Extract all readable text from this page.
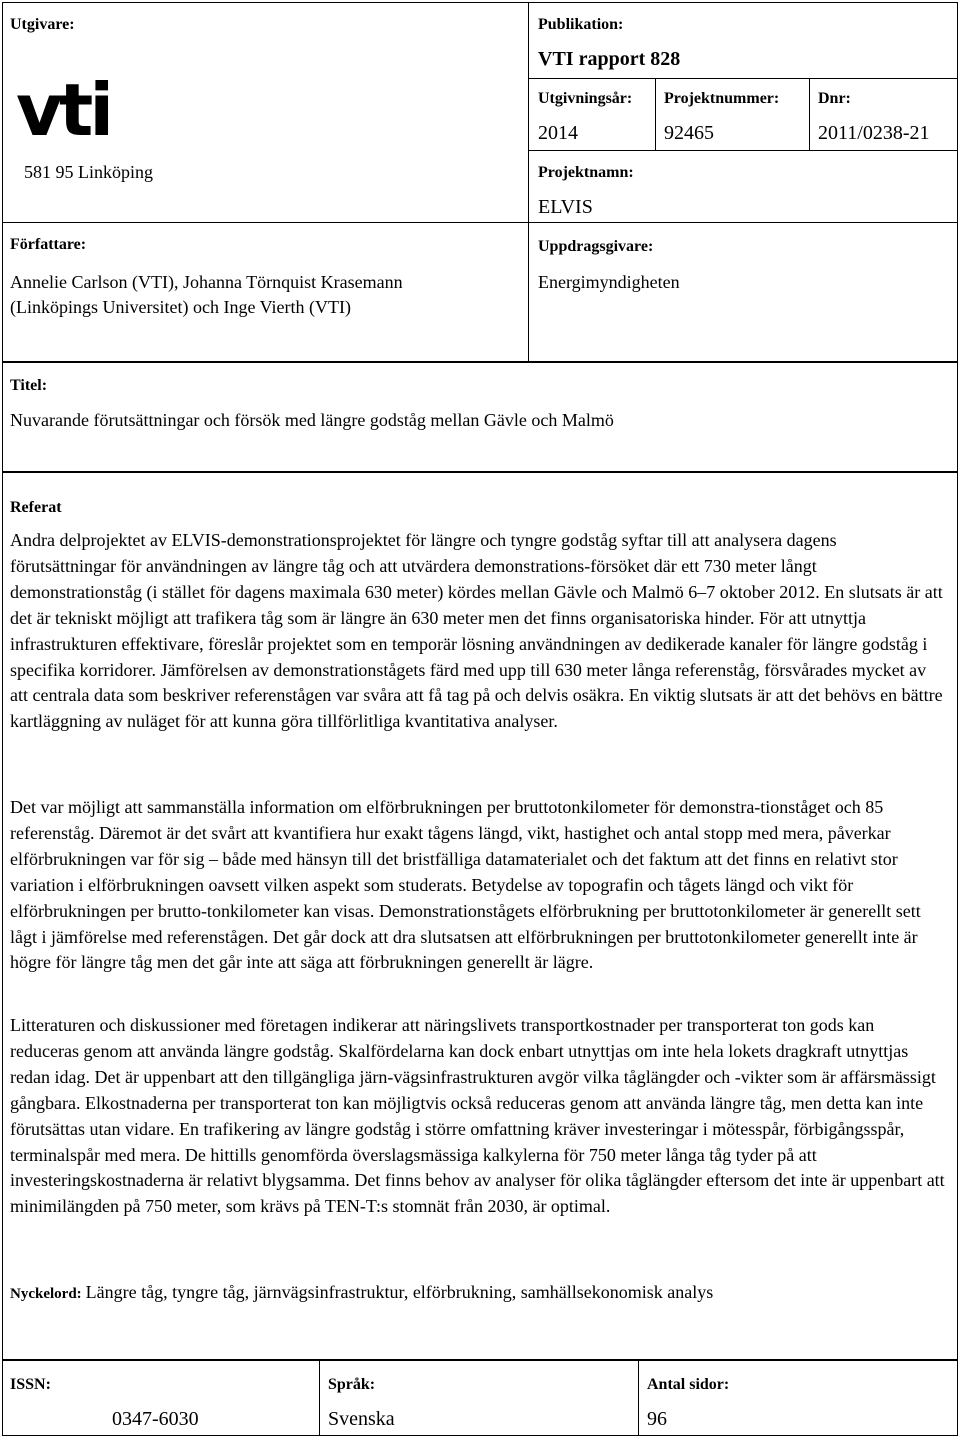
Utgivare:
vti
581 95 Linköping
Författare:
Annelie Carlson (VTI), Johanna Törnquist Krasemann
(Linköpings Universitet) och Inge Vierth (VTI)
Publikation:
VTI rapport 828
Utgivningsår:
2014
Projektnummer:
92465
Dnr:
2011/0238-21
Projektnamn:
ELVIS
Uppdragsgivare:
Energimyndigheten
Titel:
Nuvarande förutsättningar och försök med längre godståg mellan Gävle och Malmö
Referat

Andra delprojektet av ELVIS-demonstrationsprojektet för längre och tyngre godståg syftar till att analysera dagens förutsättningar för användningen av längre tåg och att utvärdera demonstrations-försöket där ett 730 meter långt demonstrationståg (i stället för dagens maximala 630 meter) kördes mellan Gävle och Malmö 6–7 oktober 2012. En slutsats är att det är tekniskt möjligt att trafikera tåg som är längre än 630 meter men det finns organisatoriska hinder. För att utnyttja infrastrukturen effektivare, föreslår projektet som en temporär lösning användningen av dedikerade kanaler för längre godståg i specifika korridorer. Jämförelsen av demonstrationstågets färd med upp till 630 meter långa referenståg, försvårades mycket av att centrala data som beskriver referenstågen var svåra att få tag på och delvis osäkra. En viktig slutsats är att det behövs en bättre kartläggning av nuläget för att kunna göra tillförlitliga kvantitativa analyser.

Det var möjligt att sammanställa information om elförbrukningen per bruttotonkilometer för demonstra-tionståget och 85 referenståg. Däremot är det svårt att kvantifiera hur exakt tågens längd, vikt, hastighet och antal stopp med mera, påverkar elförbrukningen var för sig – både med hänsyn till det bristfälliga datamaterialet och det faktum att det finns en relativt stor variation i elförbrukningen oavsett vilken aspekt som studerats. Betydelse av topografin och tågets längd och vikt för elförbrukningen per brutto-tonkilometer kan visas. Demonstrationstågets elförbrukning per bruttotonkilometer är generellt sett lågt i jämförelse med referenstågen. Det går dock att dra slutsatsen att elförbrukningen per bruttotonkilometer generellt inte är högre för längre tåg men det går inte att säga att förbrukningen generellt är lägre.

Litteraturen och diskussioner med företagen indikerar att näringslivets transportkostnader per transporterat ton gods kan reduceras genom att använda längre godståg. Skalfördelarna kan dock enbart utnyttjas om inte hela lokets dragkraft utnyttjas redan idag. Det är uppenbart att den tillgängliga järn-vägsinfrastrukturen avgör vilka tåglängder och -vikter som är affärsmässigt gångbara. Elkostnaderna per transporterat ton kan möjligtvis också reduceras genom att använda längre tåg, men detta kan inte förutsättas utan vidare. En trafikering av längre godståg i större omfattning kräver investeringar i mötesspår, förbigångsspår, terminalspår med mera. De hittills genomförda överslagsmässiga kalkylerna för 750 meter långa tåg tyder på att investeringskostnaderna är relativt blygsamma. Det finns behov av analyser för olika tåglängder eftersom det inte är uppenbart att minimilängden på 750 meter, som krävs på TEN-T:s stomnät från 2030, är optimal.

Nyckelord: Längre tåg, tyngre tåg, järnvägsinfrastruktur, elförbrukning, samhällsekonomisk analys
ISSN:
0347-6030
Språk:
Svenska
Antal sidor:
96
